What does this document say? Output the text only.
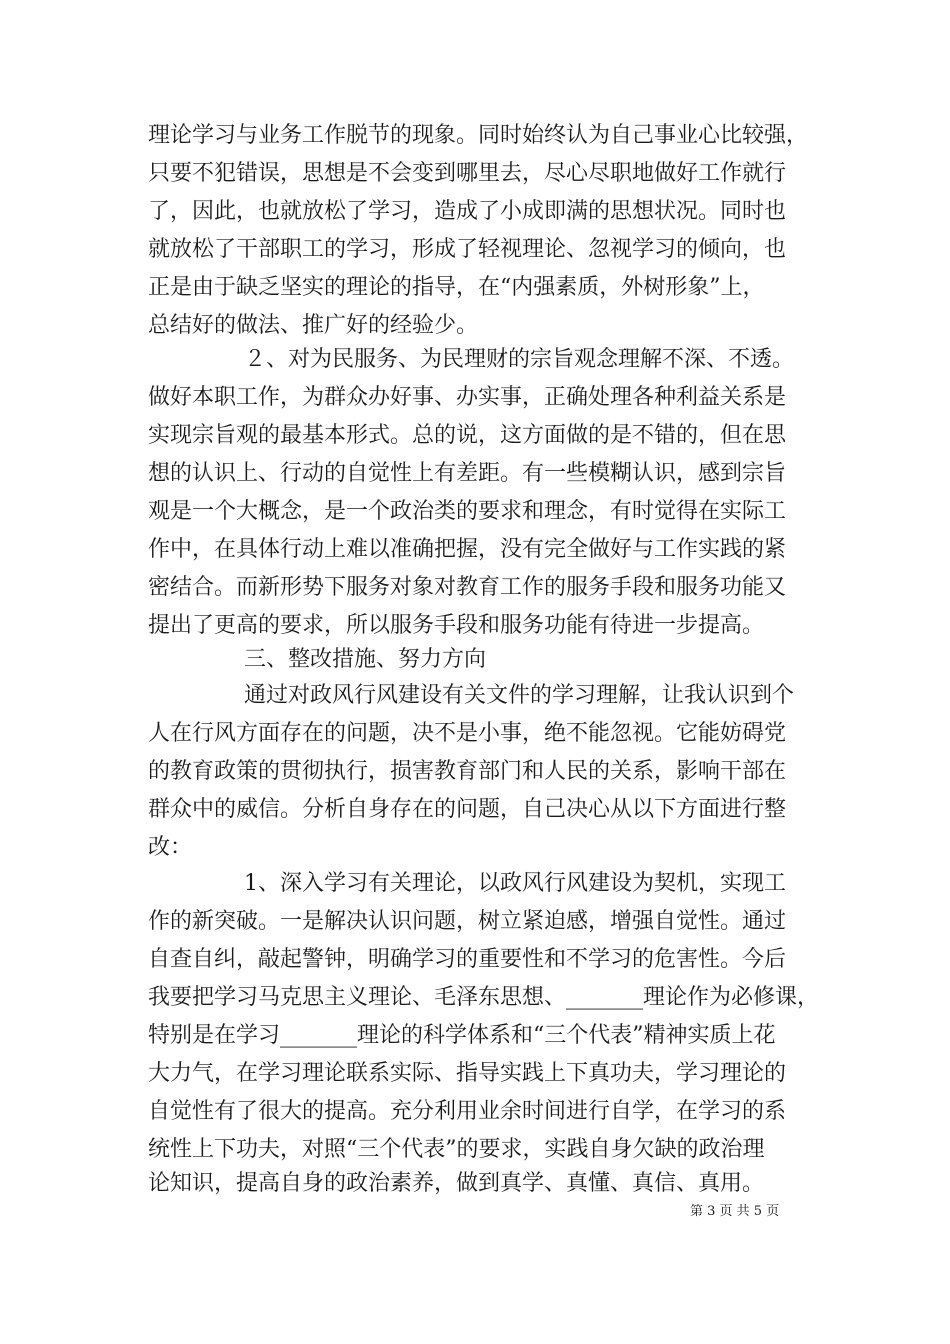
理论学习与业务工作脱节的现象。同时始终认为自己事业心比较强，
只要不犯错误，思想是不会变到哪里去，尽心尽职地做好工作就行
了，因此，也就放松了学习，造成了小成即满的思想状况。同时也
就放松了干部职工的学习，形成了轻视理论、忽视学习的倾向，也
正是由于缺乏坚实的理论的指导，在“内强素质，外树形象”上，
总结好的做法、推广好的经验少。
２、对为民服务、为民理财的宗旨观念理解不深、不透。
做好本职工作，为群众办好事、办实事，正确处理各种利益关系是
实现宗旨观的最基本形式。总的说，这方面做的是不错的，但在思
想的认识上、行动的自觉性上有差距。有一些模糊认识，感到宗旨
观是一个大概念，是一个政治类的要求和理念，有时觉得在实际工
作中，在具体行动上难以准确把握，没有完全做好与工作实践的紧
密结合。而新形势下服务对象对教育工作的服务手段和服务功能又
提出了更高的要求，所以服务手段和服务功能有待进一步提高。
三、整改措施、努力方向
通过对政风行风建设有关文件的学习理解，让我认识到个
人在行风方面存在的问题，决不是小事，绝不能忽视。它能妨碍党
的教育政策的贯彻执行，损害教育部门和人民的关系，影响干部在
群众中的威信。分析自身存在的问题，自己决心从以下方面进行整
改：
1、深入学习有关理论，以政风行风建设为契机，实现工
作的新突破。一是解决认识问题，树立紧迫感，增强自觉性。通过
自查自纠，敲起警钟，明确学习的重要性和不学习的危害性。今后
我要把学习马克思主义理论、毛泽东思想、_______理论作为必修课，
特别是在学习_______理论的科学体系和“三个代表”精神实质上花
大力气，在学习理论联系实际、指导实践上下真功夫，学习理论的
自觉性有了很大的提高。充分利用业余时间进行自学，在学习的系
统性上下功夫，对照“三个代表”的要求，实践自身欠缺的政治理
论知识，提高自身的政治素养，做到真学、真懂、真信、真用。
第 3 页 共 5 页
